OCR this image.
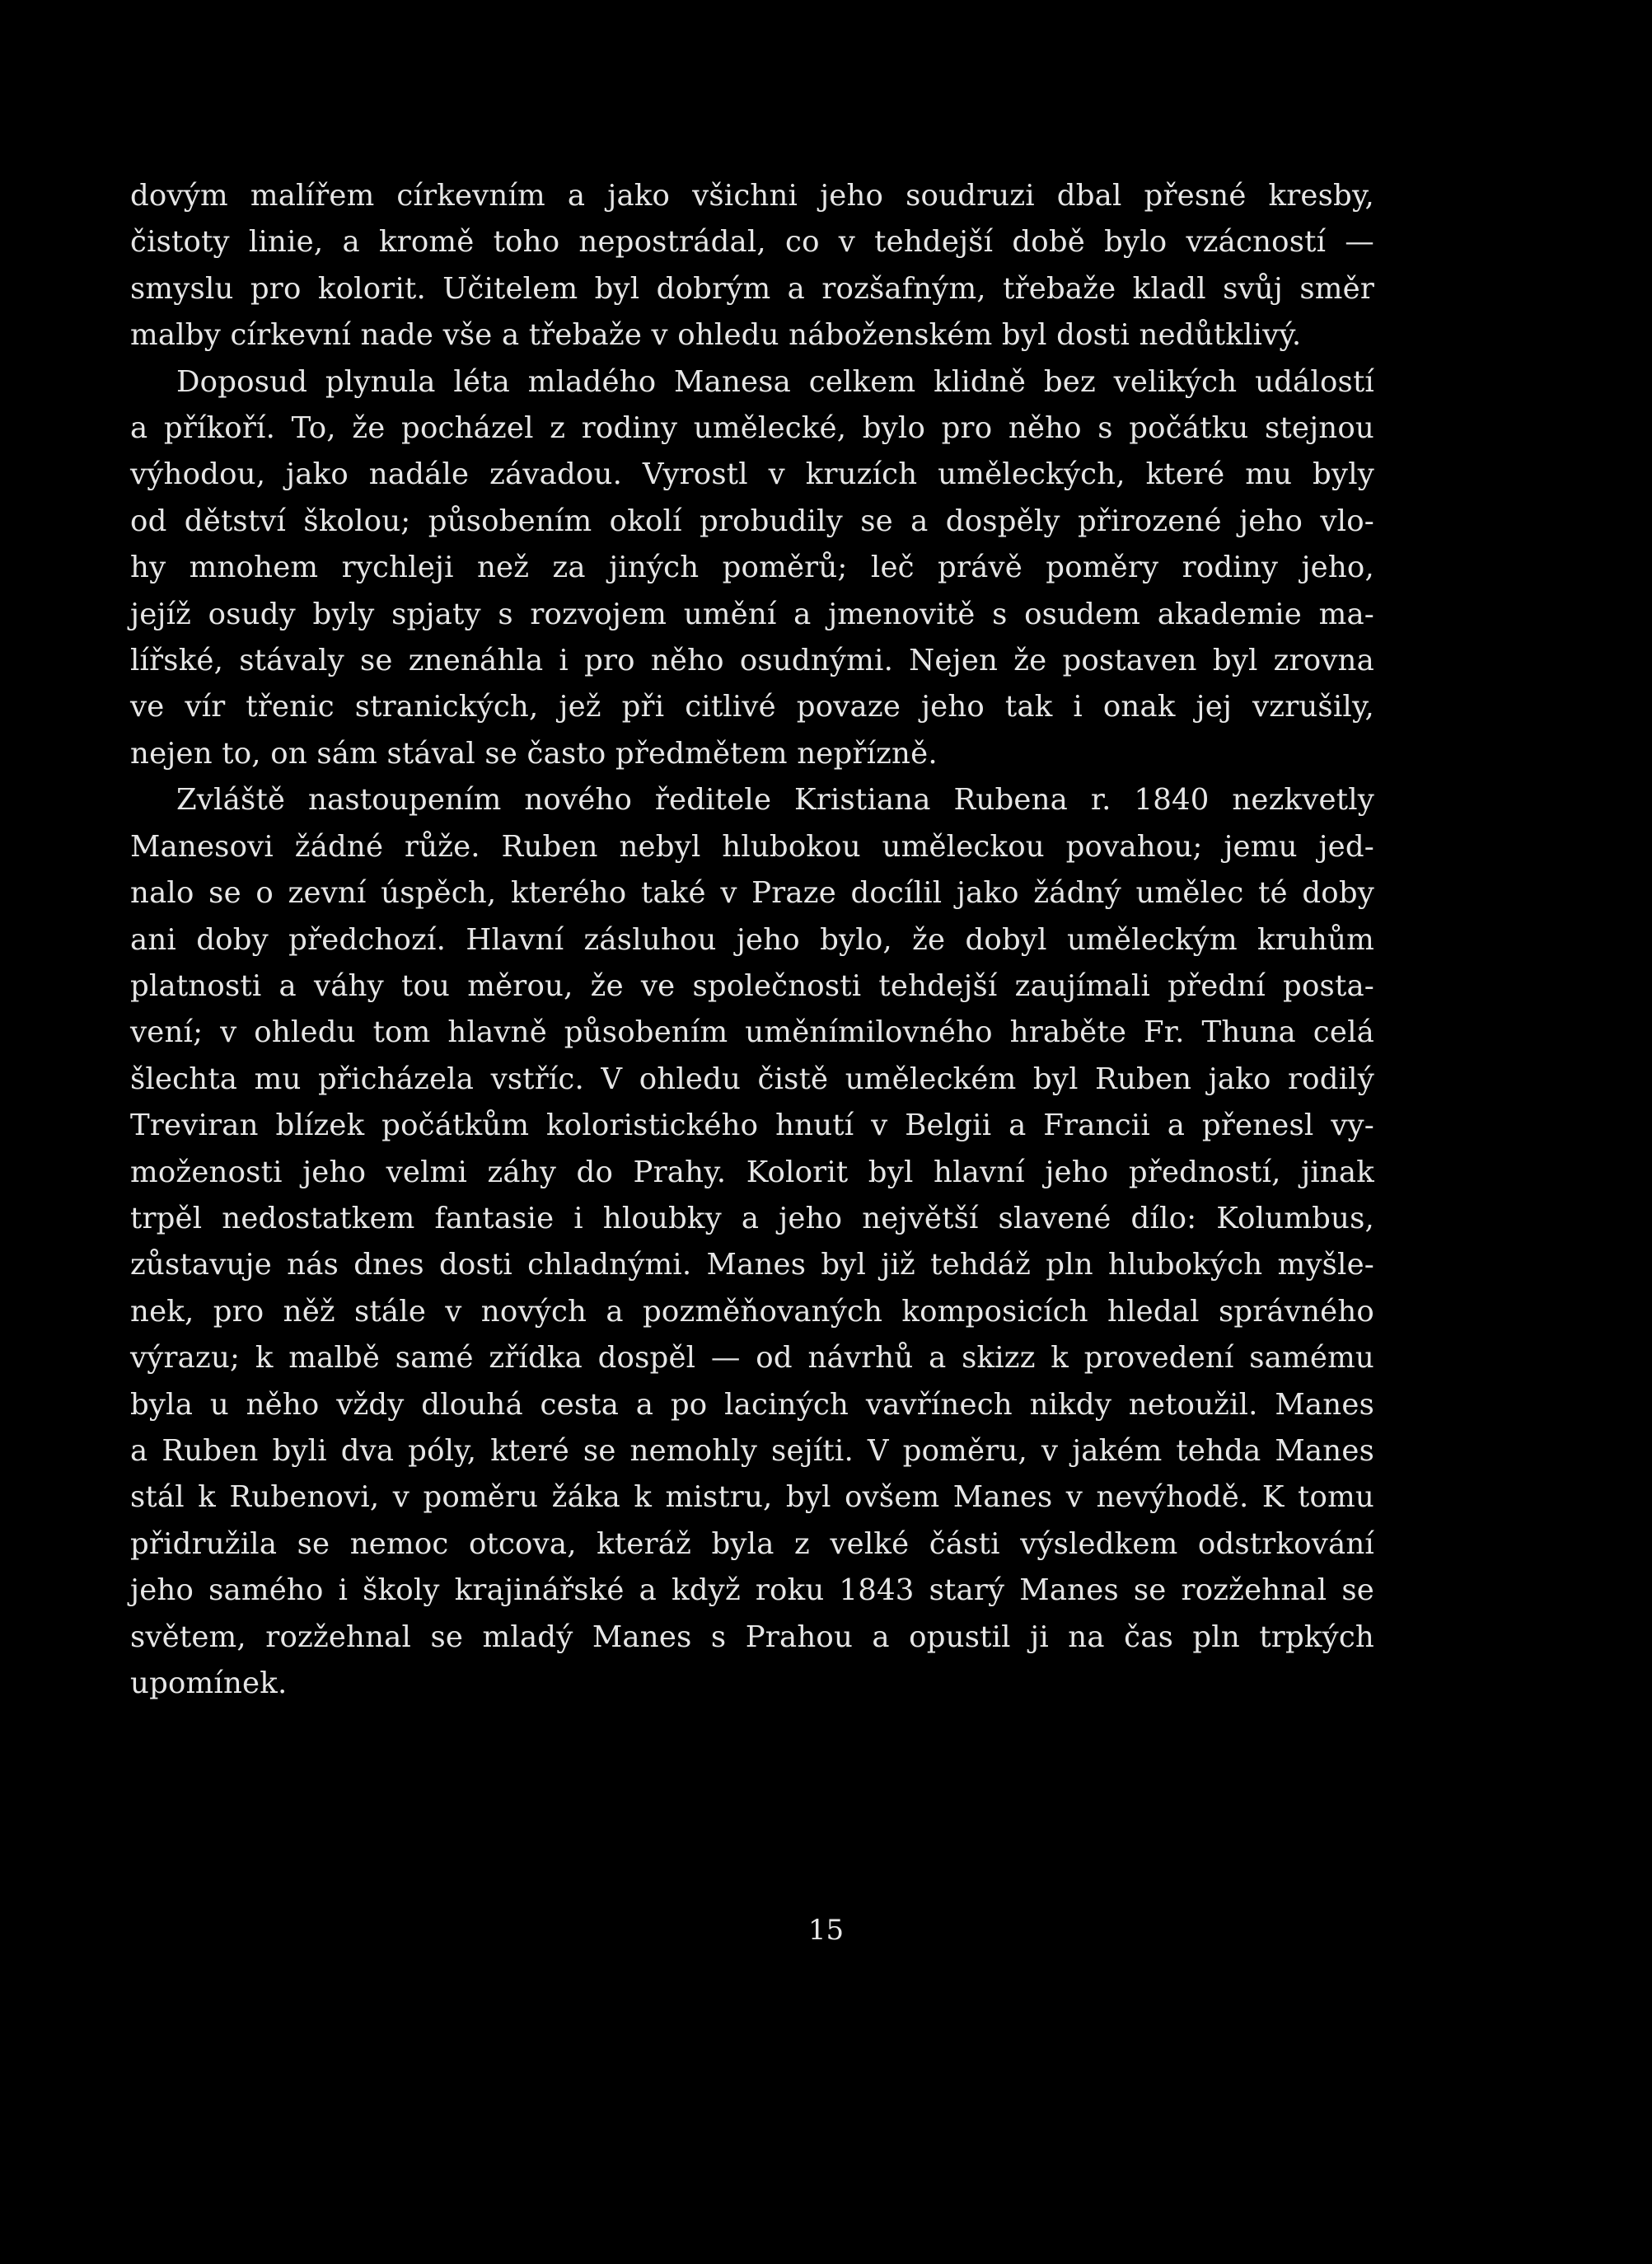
dovým malířem církevním a jako všichni jeho soudruzi dbal přesné kresby,
čistoty linie, a kromě toho nepostrádal, co v tehdejší době bylo vzácností —
smyslu pro kolorit. Učitelem byl dobrým a rozšafným, třebaže kladl svůj směr
malby církevní nade vše a třebaže v ohledu náboženském byl dosti nedůtklivý.

Doposud plynula léta mladého Manesa celkem klidně bez velikých událostí
a příkoří. To, že pocházel z rodiny umělecké, bylo pro něho s počátku stejnou
výhodou, jako nadále závadou. Vyrostl v kruzích uměleckých, které mu byly
od dětství školou; působením okolí probudily se a dospěly přirozené jeho vlo-
hy mnohem rychleji než za jiných poměrů; leč právě poměry rodiny jeho,
jejíž osudy byly spjaty s rozvojem umění a jmenovitě s osudem akademie ma-
lířské, stávaly se znenáhla i pro něho osudnými. Nejen že postaven byl zrovna
ve vír třenic stranických, jež při citlivé povaze jeho tak i onak jej vzrušily,
nejen to, on sám stával se často předmětem nepřízně.

Zvláště nastoupením nového ředitele Kristiana Rubena r. 1840 nezkvetly
Manesovi žádné růže. Ruben nebyl hlubokou uměleckou povahou; jemu jed-
nalo se o zevní úspěch, kterého také v Praze docílil jako žádný umělec té doby
ani doby předchozí. Hlavní zásluhou jeho bylo, že dobyl uměleckým kruhům
platnosti a váhy tou měrou, že ve společnosti tehdejší zaujímali přední posta-
vení; v ohledu tom hlavně působením uměnímilovného hraběte Fr. Thuna celá
šlechta mu přicházela vstříc. V ohledu čistě uměleckém byl Ruben jako rodilý
Treviran blízek počátkům koloristického hnutí v Belgii a Francii a přenesl vy-
moženosti jeho velmi záhy do Prahy. Kolorit byl hlavní jeho předností, jinak
trpěl nedostatkem fantasie i hloubky a jeho největší slavené dílo: Kolumbus,
zůstavuje nás dnes dosti chladnými. Manes byl již tehdáž pln hlubokých myšle-
nek, pro něž stále v nových a pozměňovaných komposicích hledal správného
výrazu; k malbě samé zřídka dospěl — od návrhů a skizz k provedení samému
byla u něho vždy dlouhá cesta a po laciných vavřínech nikdy netoužil. Manes
a Ruben byli dva póly, které se nemohly sejíti. V poměru, v jakém tehda Manes
stál k Rubenovi, v poměru žáka k mistru, byl ovšem Manes v nevýhodě. K tomu
přidružila se nemoc otcova, kteráž byla z velké části výsledkem odstrkování
jeho samého i školy krajinářské a když roku 1843 starý Manes se rozžehnal se
světem, rozžehnal se mladý Manes s Prahou a opustil ji na čas pln trpkých
upomínek.

15
